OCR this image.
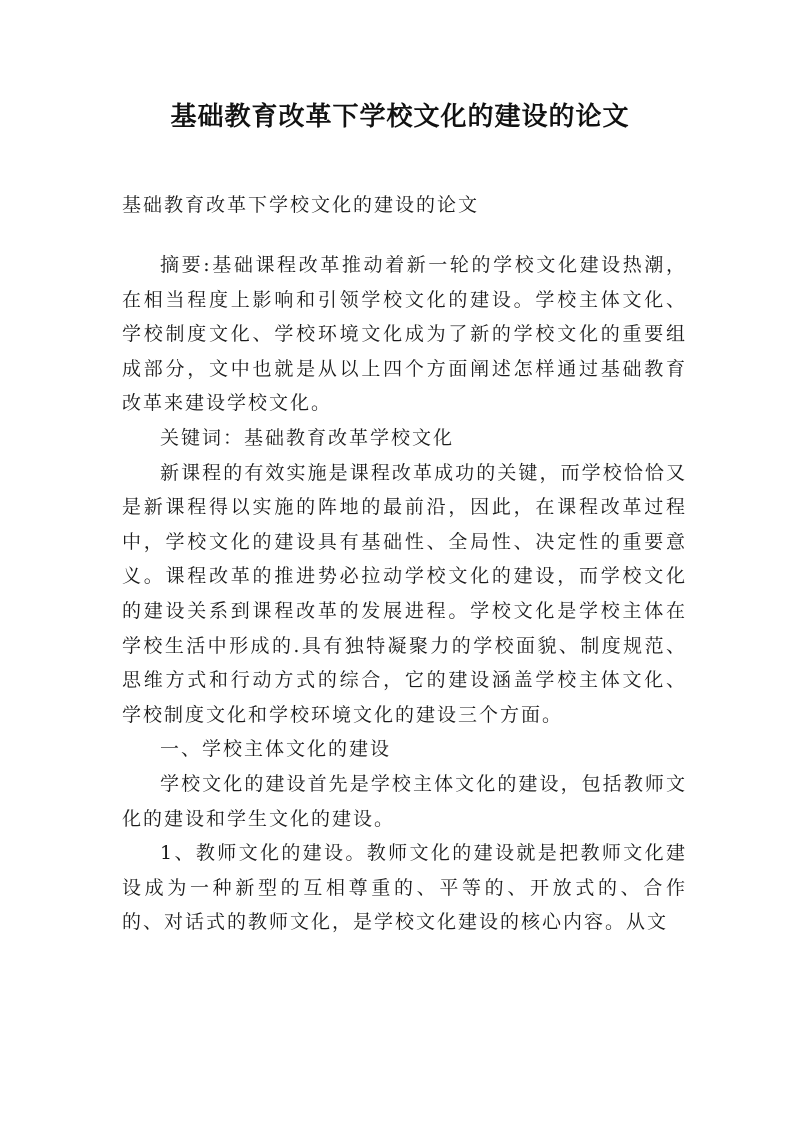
基础教育改革下学校文化的建设的论文

基础教育改革下学校文化的建设的论文

摘要:基础课程改革推动着新一轮的学校文化建设热潮，在相当程度上影响和引领学校文化的建设。学校主体文化、学校制度文化、学校环境文化成为了新的学校文化的重要组成部分，文中也就是从以上四个方面阐述怎样通过基础教育改革来建设学校文化。

关键词：基础教育改革学校文化

新课程的有效实施是课程改革成功的关键，而学校恰恰又是新课程得以实施的阵地的最前沿，因此，在课程改革过程中，学校文化的建设具有基础性、全局性、决定性的重要意义。课程改革的推进势必拉动学校文化的建设，而学校文化的建设关系到课程改革的发展进程。学校文化是学校主体在学校生活中形成的.具有独特凝聚力的学校面貌、制度规范、思维方式和行动方式的综合，它的建设涵盖学校主体文化、学校制度文化和学校环境文化的建设三个方面。

一、学校主体文化的建设

学校文化的建设首先是学校主体文化的建设，包括教师文化的建设和学生文化的建设。

1、教师文化的建设。教师文化的建设就是把教师文化建设成为一种新型的互相尊重的、平等的、开放式的、合作的、对话式的教师文化，是学校文化建设的核心内容。从文
